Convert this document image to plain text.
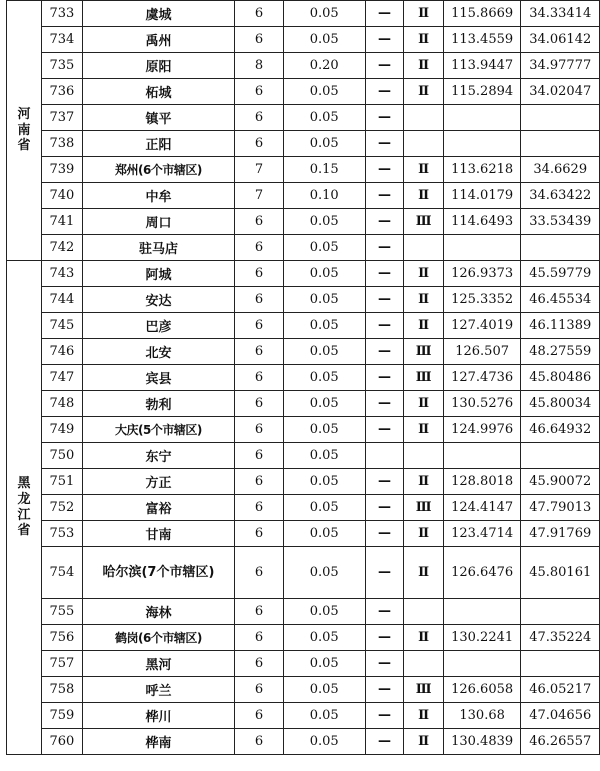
河南省	733	虞城	6	0.05	—	Ⅱ	115.8669	34.33414
	734	禹州	6	0.05	—	Ⅱ	113.4559	34.06142
	735	原阳	8	0.20	—	Ⅱ	113.9447	34.97777
	736	柘城	6	0.05	—	Ⅱ	115.2894	34.02047
	737	镇平	6	0.05	—			
	738	正阳	6	0.05	—			
	739	郑州(6个市辖区)	7	0.15	—	Ⅱ	113.6218	34.6629
	740	中牟	7	0.10	—	Ⅱ	114.0179	34.63422
	741	周口	6	0.05	—	Ⅲ	114.6493	33.53439
	742	驻马店	6	0.05	—			
黑龙江省	743	阿城	6	0.05	—	Ⅱ	126.9373	45.59779
	744	安达	6	0.05	—	Ⅱ	125.3352	46.45534
	745	巴彦	6	0.05	—	Ⅱ	127.4019	46.11389
	746	北安	6	0.05	—	Ⅲ	126.507	48.27559
	747	宾县	6	0.05	—	Ⅲ	127.4736	45.80486
	748	勃利	6	0.05	—	Ⅱ	130.5276	45.80034
	749	大庆(5个市辖区)	6	0.05	—	Ⅱ	124.9976	46.64932
	750	东宁	6	0.05				
	751	方正	6	0.05	—	Ⅱ	128.8018	45.90072
	752	富裕	6	0.05	—	Ⅲ	124.4147	47.79013
	753	甘南	6	0.05	—	Ⅱ	123.4714	47.91769
	754	哈尔滨(7个市辖区)	6	0.05	—	Ⅱ	126.6476	45.80161
	755	海林	6	0.05	—			
	756	鹤岗(6个市辖区)	6	0.05	—	Ⅱ	130.2241	47.35224
	757	黑河	6	0.05	—			
	758	呼兰	6	0.05	—	Ⅲ	126.6058	46.05217
	759	桦川	6	0.05	—	Ⅱ	130.68	47.04656
	760	桦南	6	0.05	—	Ⅱ	130.4839	46.26557
